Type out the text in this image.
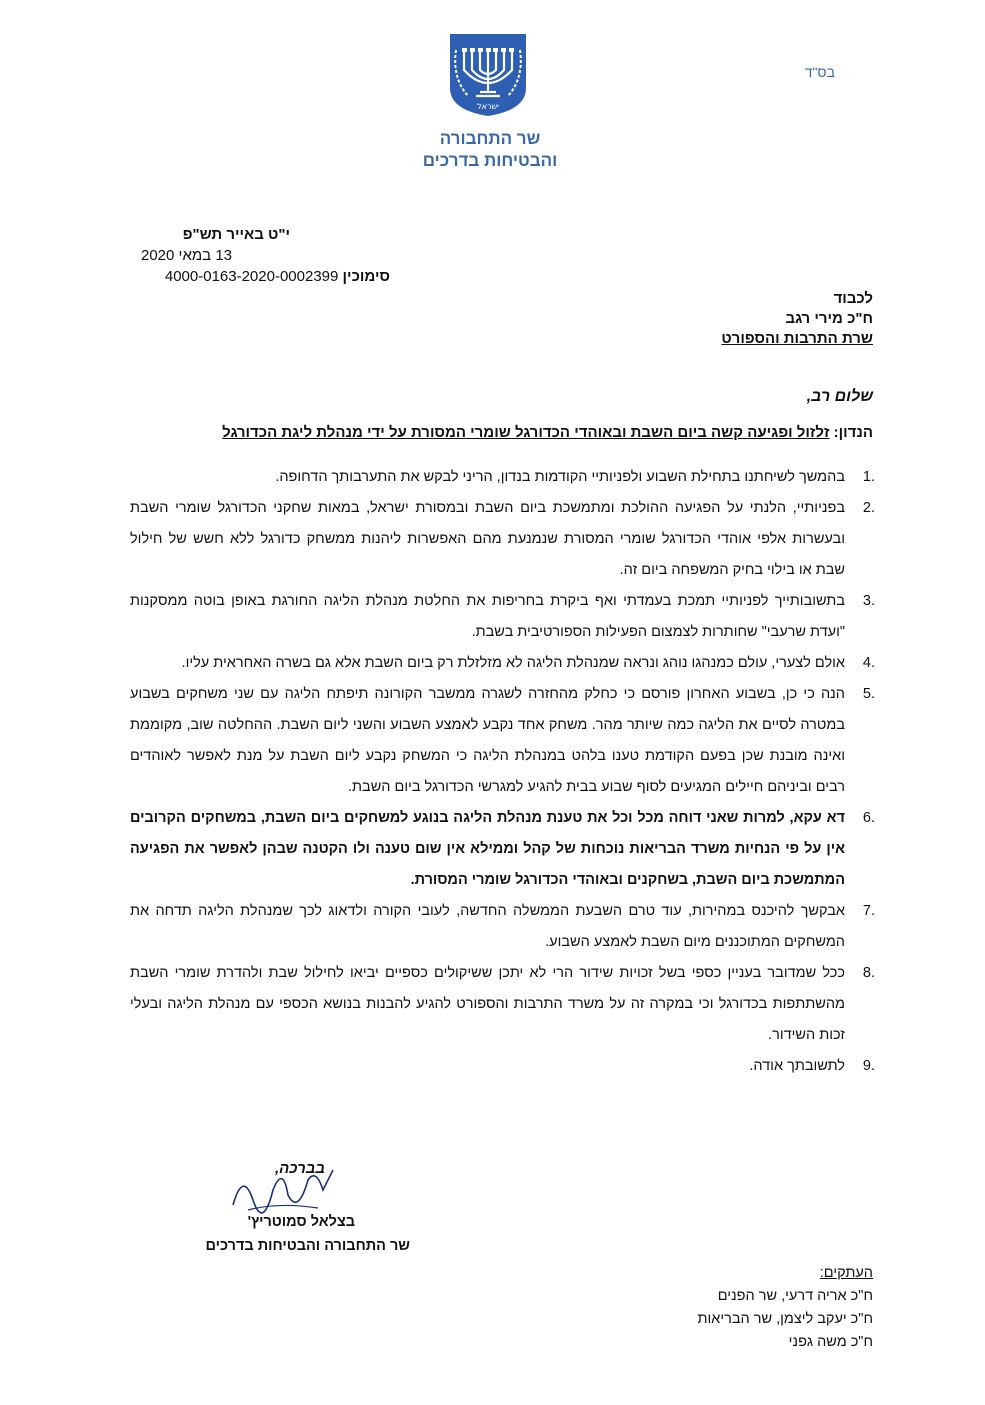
ישראל
שר התחבורה
והבטיחות בדרכים
בס"ד
י"ט באייר תש"פ
13 במאי 2020
סימוכין 4000-0163-2020-0002399
לכבוד
ח"כ מירי רגב
שרת התרבות והספורט
שלום רב,
הנדון: זלזול ופגיעה קשה ביום השבת ובאוהדי הכדורגל שומרי המסורת על ידי מנהלת ליגת הכדורגל
1.
בהמשך לשיחתנו בתחילת השבוע ולפניותיי הקודמות בנדון, הריני לבקש את התערבותך הדחופה.
2.
בפניותיי, הלנתי על הפגיעה ההולכת ומתמשכת ביום השבת ובמסורת ישראל, במאות שחקני הכדורגל שומרי השבת ובעשרות אלפי אוהדי הכדורגל שומרי המסורת שנמנעת מהם האפשרות ליהנות ממשחק כדורגל ללא חשש של חילול שבת או בילוי בחיק המשפחה ביום זה.
3.
בתשובותייך לפניותיי תמכת בעמדתי ואף ביקרת בחריפות את החלטת מנהלת הליגה החורגת באופן בוטה ממסקנות "ועדת שרעבי" שחותרות לצמצום הפעילות הספורטיבית בשבת.
4.
אולם לצערי, עולם כמנהגו נוהג ונראה שמנהלת הליגה לא מזלזלת רק ביום השבת אלא גם בשרה האחראית עליו.
5.
הנה כי כן, בשבוע האחרון פורסם כי כחלק מהחזרה לשגרה ממשבר הקורונה תיפתח הליגה עם שני משחקים בשבוע במטרה לסיים את הליגה כמה שיותר מהר. משחק אחד נקבע לאמצע השבוע והשני ליום השבת. ההחלטה שוב, מקוממת ואינה מובנת שכן בפעם הקודמת טענו בלהט במנהלת הליגה כי המשחק נקבע ליום השבת על מנת לאפשר לאוהדים רבים וביניהם חיילים המגיעים לסוף שבוע בבית להגיע למגרשי הכדורגל ביום השבת.
6.
דא עקא, למרות שאני דוחה מכל וכל את טענת מנהלת הליגה בנוגע למשחקים ביום השבת, במשחקים הקרובים אין על פי הנחיות משרד הבריאות נוכחות של קהל וממילא אין שום טענה ולו הקטנה שבהן לאפשר את הפגיעה המתמשכת ביום השבת, בשחקנים ובאוהדי הכדורגל שומרי המסורת.
7.
אבקשך להיכנס במהירות, עוד טרם השבעת הממשלה החדשה, לעובי הקורה ולדאוג לכך שמנהלת הליגה תדחה את המשחקים המתוכננים מיום השבת לאמצע השבוע.
8.
ככל שמדובר בעניין כספי בשל זכויות שידור הרי לא יתכן ששיקולים כספיים יביאו לחילול שבת ולהדרת שומרי השבת מהשתתפות בכדורגל וכי במקרה זה על משרד התרבות והספורט להגיע להבנות בנושא הכספי עם מנהלת הליגה ובעלי זכות השידור.
9.
לתשובתך אודה.
בברכה,
בצלאל סמוטריץ'
שר התחבורה והבטיחות בדרכים
העתקים:
ח"כ אריה דרעי, שר הפנים
ח"כ יעקב ליצמן, שר הבריאות
ח"כ משה גפני
